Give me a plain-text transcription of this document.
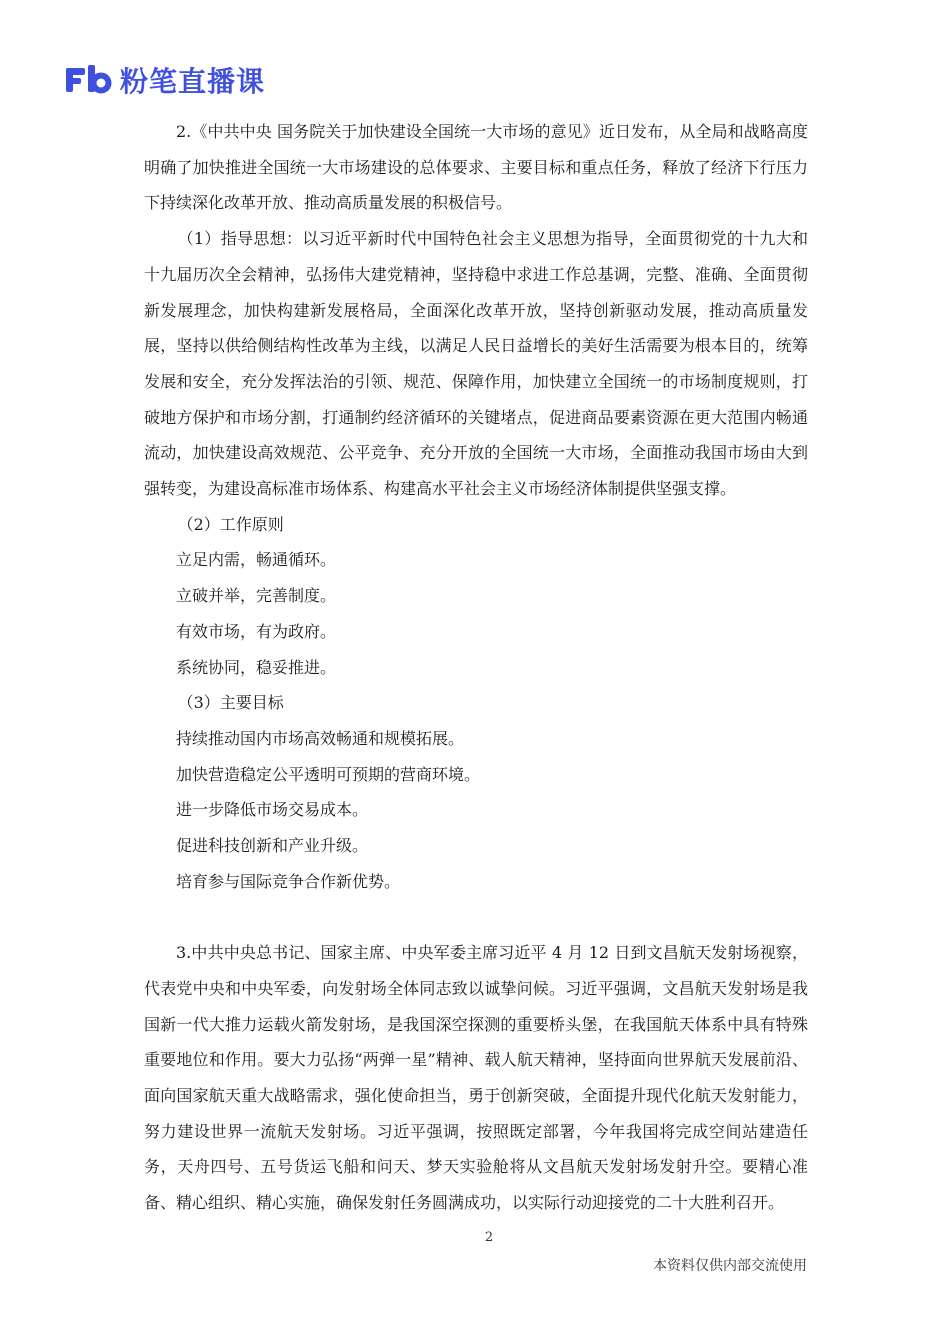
粉笔直播课

2.《中共中央 国务院关于加快建设全国统一大市场的意见》近日发布，从全局和战略高度明确了加快推进全国统一大市场建设的总体要求、主要目标和重点任务，释放了经济下行压力下持续深化改革开放、推动高质量发展的积极信号。

（1）指导思想：以习近平新时代中国特色社会主义思想为指导，全面贯彻党的十九大和十九届历次全会精神，弘扬伟大建党精神，坚持稳中求进工作总基调，完整、准确、全面贯彻新发展理念，加快构建新发展格局，全面深化改革开放，坚持创新驱动发展，推动高质量发展，坚持以供给侧结构性改革为主线，以满足人民日益增长的美好生活需要为根本目的，统筹发展和安全，充分发挥法治的引领、规范、保障作用，加快建立全国统一的市场制度规则，打破地方保护和市场分割，打通制约经济循环的关键堵点，促进商品要素资源在更大范围内畅通流动，加快建设高效规范、公平竞争、充分开放的全国统一大市场，全面推动我国市场由大到强转变，为建设高标准市场体系、构建高水平社会主义市场经济体制提供坚强支撑。

（2）工作原则

立足内需，畅通循环。

立破并举，完善制度。

有效市场，有为政府。

系统协同，稳妥推进。

（3）主要目标

持续推动国内市场高效畅通和规模拓展。

加快营造稳定公平透明可预期的营商环境。

进一步降低市场交易成本。

促进科技创新和产业升级。

培育参与国际竞争合作新优势。

3.中共中央总书记、国家主席、中央军委主席习近平 4 月 12 日到文昌航天发射场视察，代表党中央和中央军委，向发射场全体同志致以诚挚问候。习近平强调，文昌航天发射场是我国新一代大推力运载火箭发射场，是我国深空探测的重要桥头堡，在我国航天体系中具有特殊重要地位和作用。要大力弘扬“两弹一星”精神、载人航天精神，坚持面向世界航天发展前沿、面向国家航天重大战略需求，强化使命担当，勇于创新突破，全面提升现代化航天发射能力，努力建设世界一流航天发射场。习近平强调，按照既定部署，今年我国将完成空间站建造任务，天舟四号、五号货运飞船和问天、梦天实验舱将从文昌航天发射场发射升空。要精心准备、精心组织、精心实施，确保发射任务圆满成功，以实际行动迎接党的二十大胜利召开。

2
本资料仅供内部交流使用
